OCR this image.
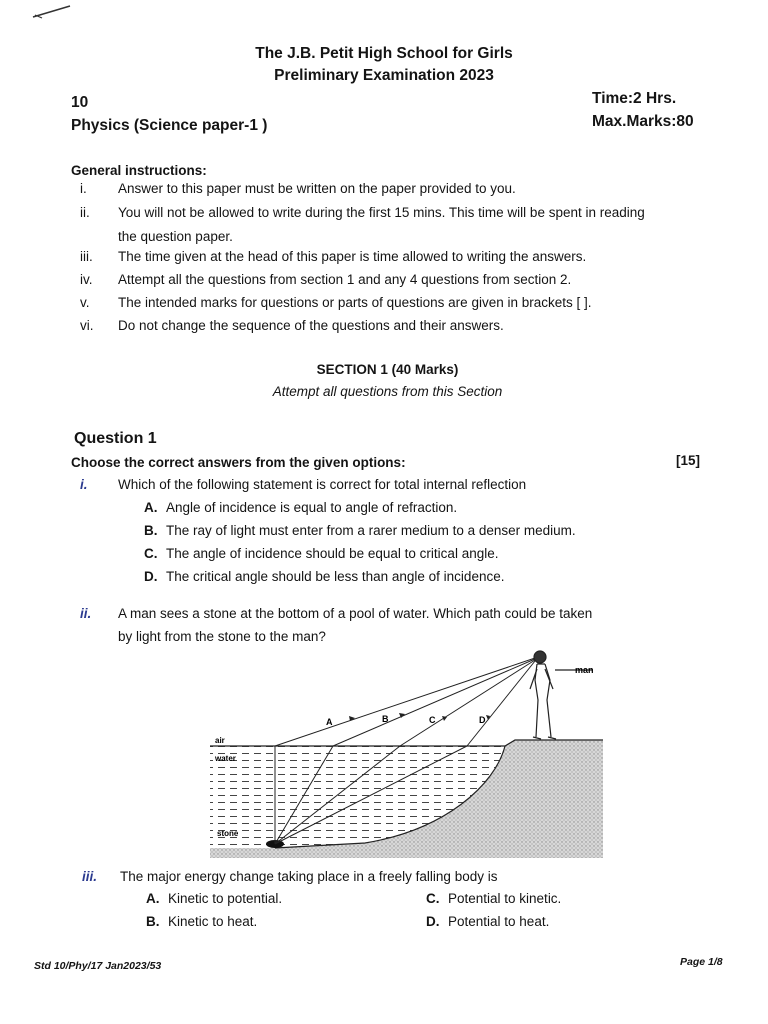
The J.B. Petit High School for Girls
Preliminary Examination 2023
10
Physics (Science paper-1 )
Time:2 Hrs.
Max.Marks:80
General instructions:
i. Answer to this paper must be written on the paper provided to you.
ii. You will not be allowed to write during the first 15 mins. This time will be spent in reading
the question paper.
iii. The time given at the head of this paper is time allowed to writing the answers.
iv. Attempt all the questions from section 1 and any 4 questions from section 2.
v. The intended marks for questions or parts of questions are given in brackets [ ].
vi. Do not change the sequence of the questions and their answers.
SECTION 1 (40 Marks)
Attempt all questions from this Section
Question 1
Choose the correct answers from the given options:	[15]
i. Which of the following statement is correct for total internal reflection
A. Angle of incidence is equal to angle of refraction.
B. The ray of light must enter from a rarer medium to a denser medium.
C. The angle of incidence should be equal to critical angle.
D. The critical angle should be less than angle of incidence.
ii. A man sees a stone at the bottom of a pool of water. Which path could be taken
by light from the stone to the man?
man
air
water
stone
A	B	C	D
iii. The major energy change taking place in a freely falling body is
A. Kinetic to potential.	C. Potential to kinetic.
B. Kinetic to heat.	D. Potential to heat.
Std 10/Phy/17 Jan2023/53	Page 1/8
